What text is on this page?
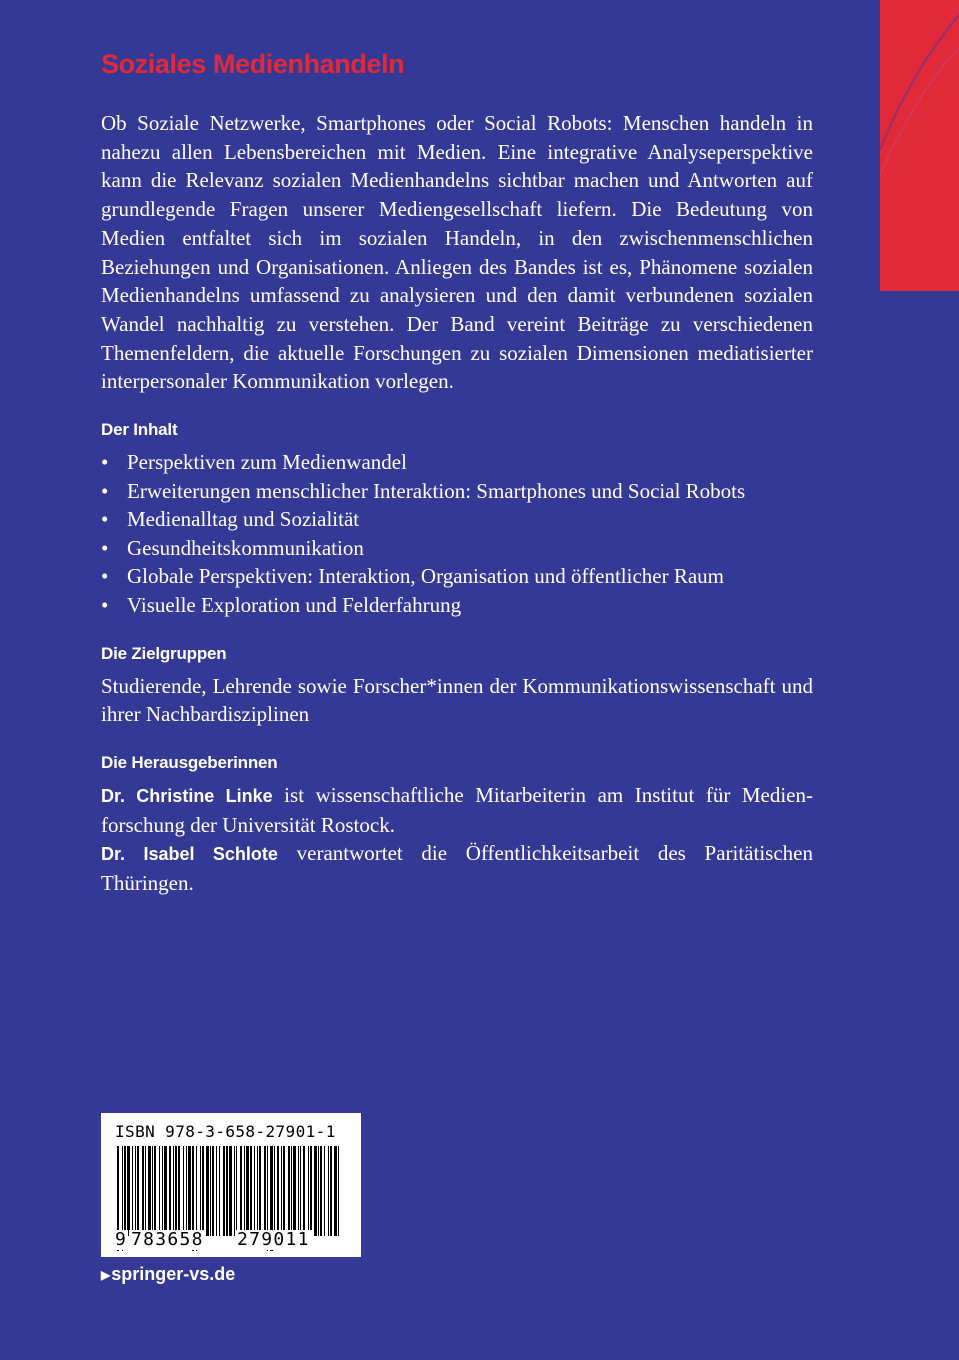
Soziales Medienhandeln

Ob Soziale Netzwerke, Smartphones oder Social Robots: Menschen handeln in nahezu allen Lebensbereichen mit Medien. Eine integrative Analyseperspektive kann die Relevanz sozialen Medienhandelns sichtbar machen und Antworten auf grundlegende Fragen unserer Mediengesellschaft liefern. Die Bedeutung von Medien entfaltet sich im sozialen Handeln, in den zwischenmenschlichen Beziehungen und Organisationen. Anliegen des Bandes ist es, Phänomene sozialen Medienhandelns umfassend zu analysieren und den damit verbundenen sozialen Wandel nachhaltig zu verstehen. Der Band vereint Beiträge zu verschiedenen Themenfeldern, die aktuelle Forschungen zu sozialen Dimensionen mediatisierter interpersonaler Kommunikation vorlegen.

Der Inhalt
• Perspektiven zum Medienwandel
• Erweiterungen menschlicher Interaktion: Smartphones und Social Robots
• Medienalltag und Sozialität
• Gesundheitskommunikation
• Globale Perspektiven: Interaktion, Organisation und öffentlicher Raum
• Visuelle Exploration und Felderfahrung
Die Zielgruppen

Studierende, Lehrende sowie Forscher*innen der Kommunikationswissenschaft und ihrer Nachbardisziplinen

Die Herausgeberinnen

Dr. Christine Linke ist wissenschaftliche Mitarbeiterin am Institut für Medienforschung der Universität Rostock.

Dr. Isabel Schlote verantwortet die Öffentlichkeitsarbeit des Paritätischen Thüringen.

ISBN 978-3-658-27901-1
9 783658 279011
▶springer-vs.de
